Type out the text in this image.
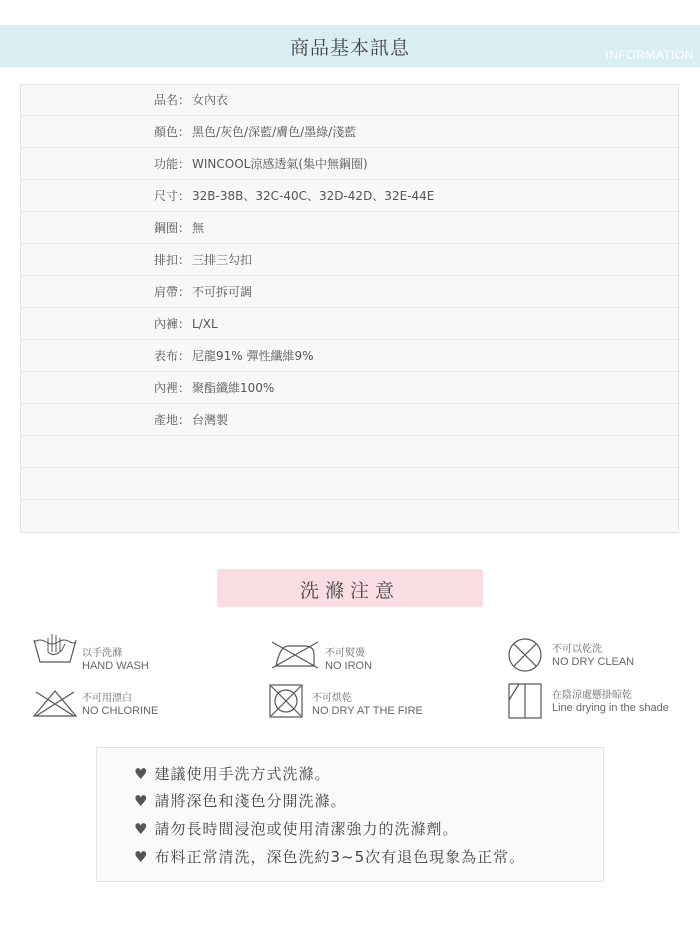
商品基本訊息	INFORMATION
品名： 女內衣
顏色： 黑色/灰色/深藍/膚色/墨綠/淺藍
功能： WINCOOL涼感透氣(集中無鋼圈)
尺寸： 32B-38B、32C-40C、32D-42D、32E-44E
鋼圈： 無
排扣： 三排三勾扣
肩帶： 不可拆可調
內褲： L/XL
表布： 尼龍91% 彈性纖維9%
內裡： 聚酯纖維100%
產地： 台灣製
洗滌注意
以手洗滌
HAND WASH
不可熨燙
NO IRON
不可以乾洗
NO DRY CLEAN
不可用漂白
NO CHLORINE
不可烘乾
NO DRY AT THE FIRE
在陰涼處懸掛晾乾
Line drying in the shade
♥ 建議使用手洗方式洗滌。
♥ 請將深色和淺色分開洗滌。
♥ 請勿長時間浸泡或使用清潔強力的洗滌劑。
♥ 布料正常清洗，深色洗約3~5次有退色現象為正常。
